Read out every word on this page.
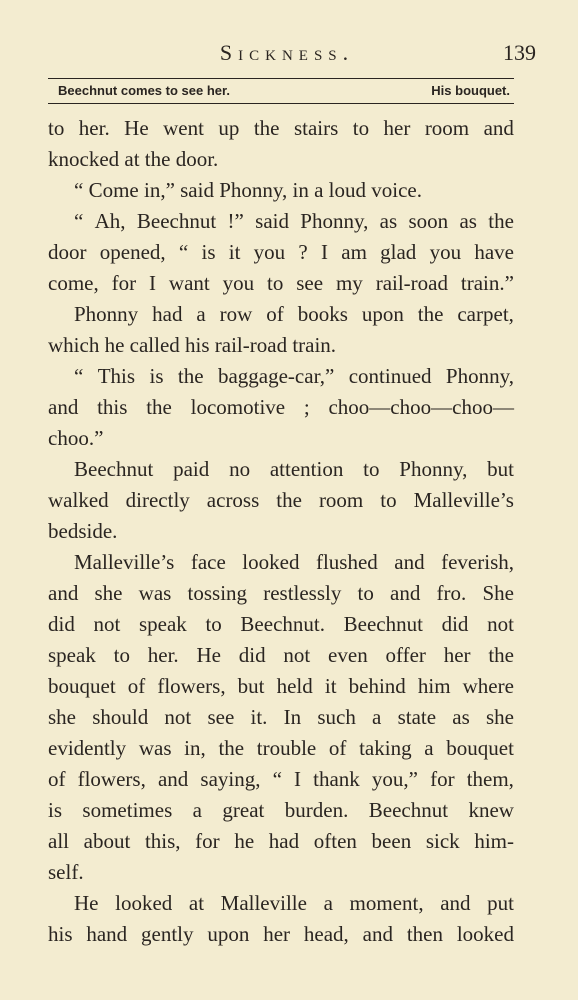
Sickness.	139
Beechnut comes to see her.	His bouquet.
to her. He went up the stairs to her room and
knocked at the door.
“ Come in,” said Phonny, in a loud voice.
“ Ah, Beechnut !” said Phonny, as soon as the
door opened, “ is it you ? I am glad you have
come, for I want you to see my rail-road train.”
Phonny had a row of books upon the carpet,
which he called his rail-road train.
“ This is the baggage-car,” continued Phonny,
and this the locomotive ; choo—choo—choo—
choo.”
Beechnut paid no attention to Phonny, but
walked directly across the room to Malleville’s
bedside.
Malleville’s face looked flushed and feverish,
and she was tossing restlessly to and fro. She
did not speak to Beechnut. Beechnut did not
speak to her. He did not even offer her the
bouquet of flowers, but held it behind him where
she should not see it. In such a state as she
evidently was in, the trouble of taking a bouquet
of flowers, and saying, “ I thank you,” for them,
is sometimes a great burden. Beechnut knew
all about this, for he had often been sick him-
self.
He looked at Malleville a moment, and put
his hand gently upon her head, and then looked
